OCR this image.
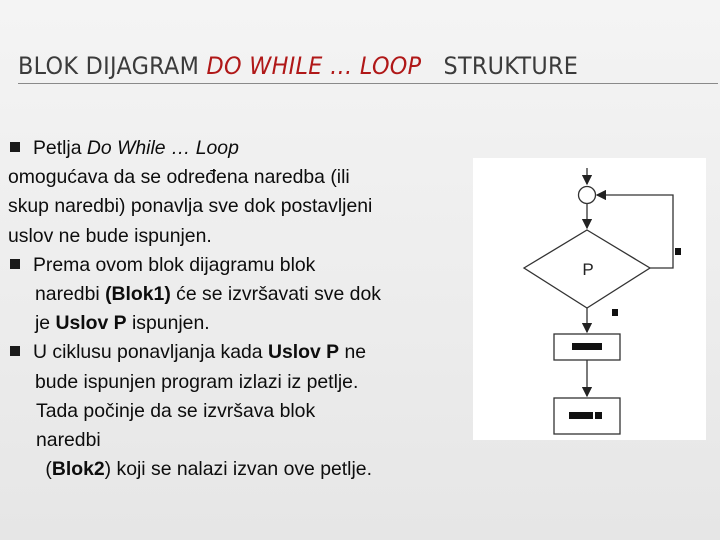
BLOK DIJAGRAM DO WHILE … LOOP   STRUKTURE
Petlja Do While … Loop
omogućava da se određena naredba (ili
skup naredbi) ponavlja sve dok postavljeni
uslov ne bude ispunjen.
Prema ovom blok dijagramu blok
naredbi (Blok1) će se izvršavati sve dok
je Uslov P ispunjen.
U ciklusu ponavljanja kada Uslov P ne
bude ispunjen program izlazi iz petlje.
Tada počinje da se izvršava blok
naredbi
(Blok2) koji se nalazi izvan ove petlje.
P
